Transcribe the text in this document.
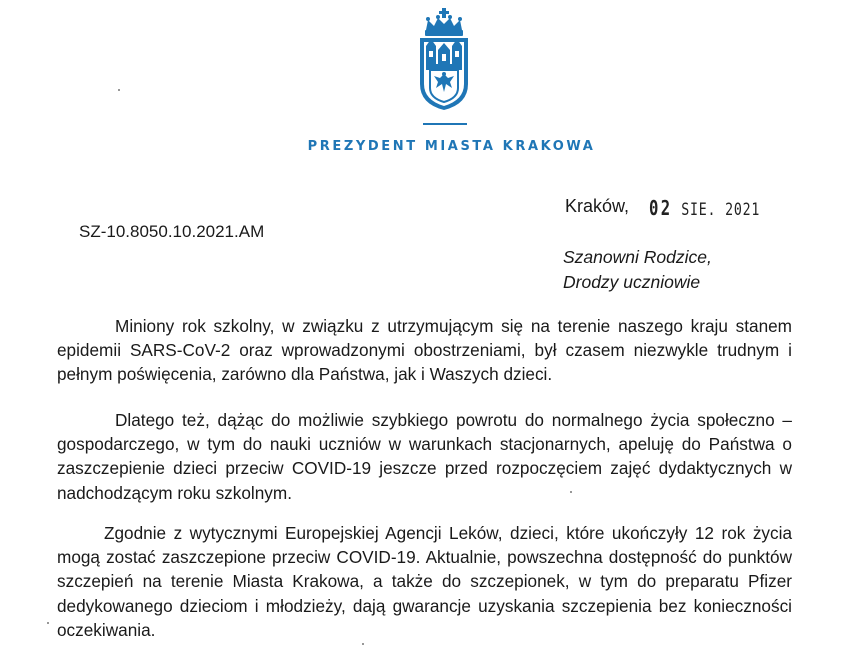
PREZYDENT MIASTA KRAKOWA
Kraków, 02 SIE. 2021
SZ-10.8050.10.2021.AM
Szanowni Rodzice,
Drodzy uczniowie
Miniony rok szkolny, w związku z utrzymującym się na terenie naszego kraju stanem epidemii SARS-CoV-2 oraz wprowadzonymi obostrzeniami, był czasem niezwykle trudnym i pełnym poświęcenia, zarówno dla Państwa, jak i Waszych dzieci.
Dlatego też, dążąc do możliwie szybkiego powrotu do normalnego życia społeczno – gospodarczego, w tym do nauki uczniów w warunkach stacjonarnych, apeluję do Państwa o zaszczepienie dzieci przeciw COVID-19 jeszcze przed rozpoczęciem zajęć dydaktycznych w nadchodzącym roku szkolnym.
Zgodnie z wytycznymi Europejskiej Agencji Leków, dzieci, które ukończyły 12 rok życia mogą zostać zaszczepione przeciw COVID-19. Aktualnie, powszechna dostępność do punktów szczepień na terenie Miasta Krakowa, a także do szczepionek, w tym do preparatu Pfizer dedykowanego dzieciom i młodzieży, dają gwarancje uzyskania szczepienia bez konieczności oczekiwania.
